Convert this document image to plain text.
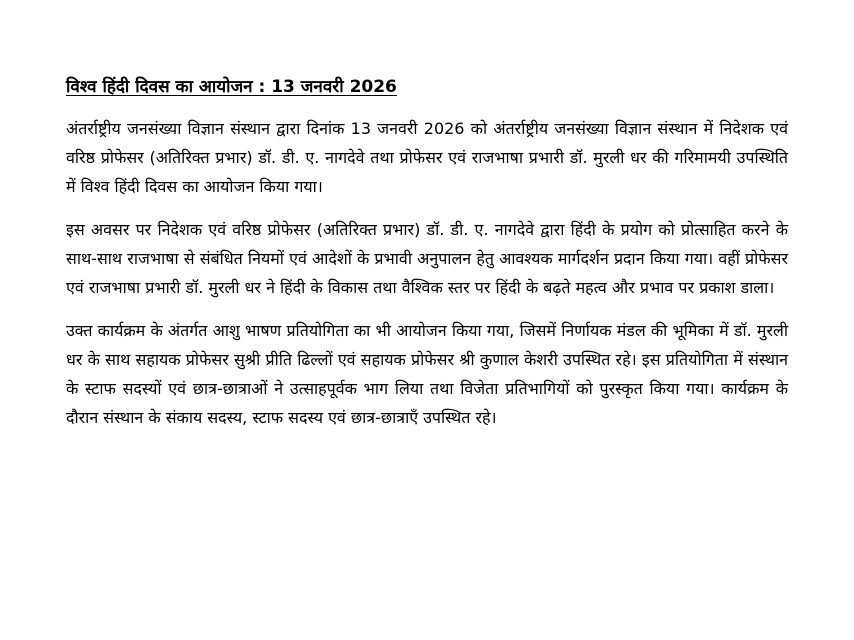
विश्व हिंदी दिवस का आयोजन : 13 जनवरी 2026

अंतर्राष्ट्रीय जनसंख्या विज्ञान संस्थान द्वारा दिनांक 13 जनवरी 2026 को अंतर्राष्ट्रीय जनसंख्या विज्ञान संस्थान में निदेशक एवं वरिष्ठ प्रोफेसर (अतिरिक्त प्रभार) डॉ. डी. ए. नागदेवे तथा प्रोफेसर एवं राजभाषा प्रभारी डॉ. मुरली धर की गरिमामयी उपस्थिति में विश्व हिंदी दिवस का आयोजन किया गया।

इस अवसर पर निदेशक एवं वरिष्ठ प्रोफेसर (अतिरिक्त प्रभार) डॉ. डी. ए. नागदेवे द्वारा हिंदी के प्रयोग को प्रोत्साहित करने के साथ-साथ राजभाषा से संबंधित नियमों एवं आदेशों के प्रभावी अनुपालन हेतु आवश्यक मार्गदर्शन प्रदान किया गया। वहीं प्रोफेसर एवं राजभाषा प्रभारी डॉ. मुरली धर ने हिंदी के विकास तथा वैश्विक स्तर पर हिंदी के बढ़ते महत्व और प्रभाव पर प्रकाश डाला।

उक्त कार्यक्रम के अंतर्गत आशु भाषण प्रतियोगिता का भी आयोजन किया गया, जिसमें निर्णायक मंडल की भूमिका में डॉ. मुरली धर के साथ सहायक प्रोफेसर सुश्री प्रीति ढिल्लों एवं सहायक प्रोफेसर श्री कुणाल केशरी उपस्थित रहे। इस प्रतियोगिता में संस्थान के स्टाफ सदस्यों एवं छात्र-छात्राओं ने उत्साहपूर्वक भाग लिया तथा विजेता प्रतिभागियों को पुरस्कृत किया गया। कार्यक्रम के दौरान संस्थान के संकाय सदस्य, स्टाफ सदस्य एवं छात्र-छात्राएँ उपस्थित रहे।
